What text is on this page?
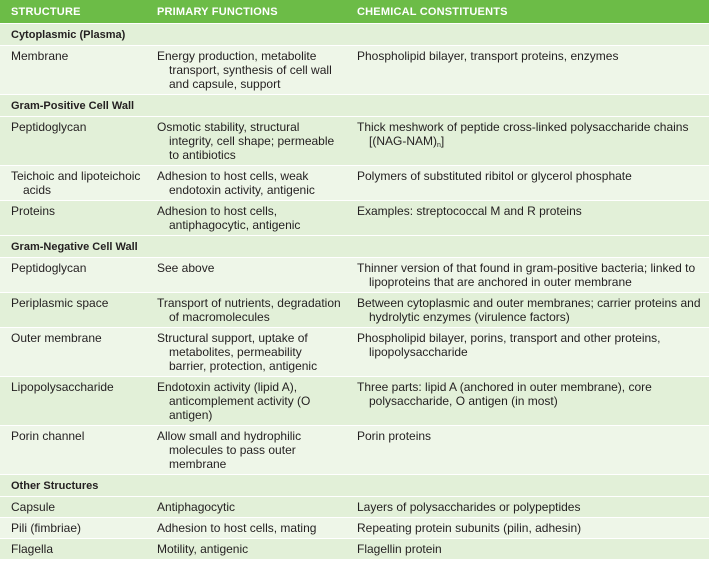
STRUCTURE	PRIMARY FUNCTIONS	CHEMICAL CONSTITUENTS
Cytoplasmic (Plasma)		
Membrane	Energy production, metabolite transport, synthesis of cell wall and capsule, support	Phospholipid bilayer, transport proteins, enzymes

Gram-Positive Cell Wall		
Peptidoglycan	Osmotic stability, structural integrity, cell shape; permeable to antibiotics	Thick meshwork of peptide cross-linked polysaccharide chains $[(NAG-NAM)_n]$

Teichoic and lipoteichoic acids	Adhesion to host cells, weak endotoxin activity, antigenic	Polymers of substituted ribitol or glycerol phosphate

Proteins	Adhesion to host cells, antiphagocytic, antigenic	Examples: streptococcal M and R proteins

Gram-Negative Cell Wall		
Peptidoglycan	See above	Thinner version of that found in gram-positive bacteria; linked to lipoproteins that are anchored in outer membrane

Periplasmic space	Transport of nutrients, degradation of macromolecules	Between cytoplasmic and outer membranes; carrier proteins and hydrolytic enzymes (virulence factors)

Outer membrane	Structural support, uptake of metabolites, permeability barrier, protection, antigenic	Phospholipid bilayer, porins, transport and other proteins, lipopolysaccharide

Lipopolysaccharide	Endotoxin activity (lipid A), anticomplement activity (O antigen)	Three parts: lipid A (anchored in outer membrane), core polysaccharide, O antigen (in most)

Porin channel	Allow small and hydrophilic molecules to pass outer membrane	Porin proteins

Other Structures		
Capsule	Antiphagocytic	Layers of polysaccharides or polypeptides

Pili (fimbriae)	Adhesion to host cells, mating	Repeating protein subunits (pilin, adhesin)

Flagella	Motility, antigenic	Flagellin protein
